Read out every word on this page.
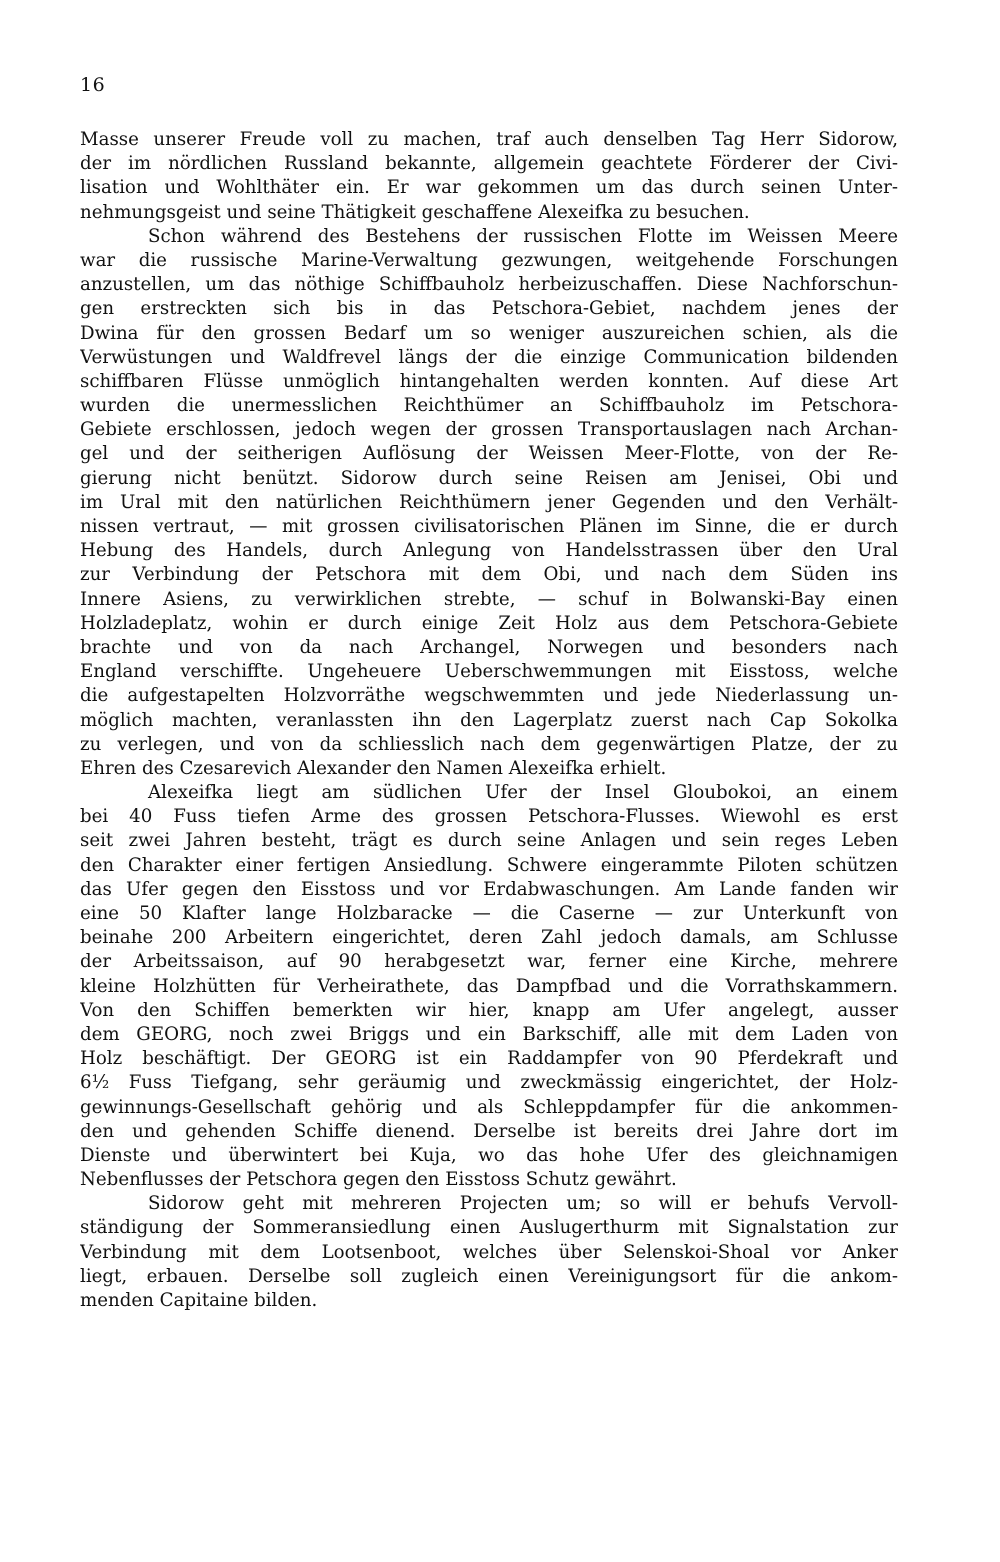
16
Masse unserer Freude voll zu machen, traf auch denselben Tag Herr Sidorow,
der im nördlichen Russland bekannte, allgemein geachtete Förderer der Civi-
lisation und Wohlthäter ein. Er war gekommen um das durch seinen Unter-
nehmungsgeist und seine Thätigkeit geschaffene Alexeifka zu besuchen.
Schon während des Bestehens der russischen Flotte im Weissen Meere
war die russische Marine-Verwaltung gezwungen, weitgehende Forschungen
anzustellen, um das nöthige Schiffbauholz herbeizuschaffen. Diese Nachforschun-
gen erstreckten sich bis in das Petschora-Gebiet, nachdem jenes der
Dwina für den grossen Bedarf um so weniger auszureichen schien, als die
Verwüstungen und Waldfrevel längs der die einzige Communication bildenden
schiffbaren Flüsse unmöglich hintangehalten werden konnten. Auf diese Art
wurden die unermesslichen Reichthümer an Schiffbauholz im Petschora-
Gebiete erschlossen, jedoch wegen der grossen Transportauslagen nach Archan-
gel und der seitherigen Auflösung der Weissen Meer-Flotte, von der Re-
gierung nicht benützt. Sidorow durch seine Reisen am Jenisei, Obi und
im Ural mit den natürlichen Reichthümern jener Gegenden und den Verhält-
nissen vertraut, — mit grossen civilisatorischen Plänen im Sinne, die er durch
Hebung des Handels, durch Anlegung von Handelsstrassen über den Ural
zur Verbindung der Petschora mit dem Obi, und nach dem Süden ins
Innere Asiens, zu verwirklichen strebte, — schuf in Bolwanski-Bay einen
Holzladeplatz, wohin er durch einige Zeit Holz aus dem Petschora-Gebiete
brachte und von da nach Archangel, Norwegen und besonders nach
England verschiffte. Ungeheuere Ueberschwemmungen mit Eisstoss, welche
die aufgestapelten Holzvorräthe wegschwemmten und jede Niederlassung un-
möglich machten, veranlassten ihn den Lagerplatz zuerst nach Cap Sokolka
zu verlegen, und von da schliesslich nach dem gegenwärtigen Platze, der zu
Ehren des Czesarevich Alexander den Namen Alexeifka erhielt.
Alexeifka liegt am südlichen Ufer der Insel Gloubokoi, an einem
bei 40 Fuss tiefen Arme des grossen Petschora-Flusses. Wiewohl es erst
seit zwei Jahren besteht, trägt es durch seine Anlagen und sein reges Leben
den Charakter einer fertigen Ansiedlung. Schwere eingerammte Piloten schützen
das Ufer gegen den Eisstoss und vor Erdabwaschungen. Am Lande fanden wir
eine 50 Klafter lange Holzbaracke — die Caserne — zur Unterkunft von
beinahe 200 Arbeitern eingerichtet, deren Zahl jedoch damals, am Schlusse
der Arbeitssaison, auf 90 herabgesetzt war, ferner eine Kirche, mehrere
kleine Holzhütten für Verheirathete, das Dampfbad und die Vorrathskammern.
Von den Schiffen bemerkten wir hier, knapp am Ufer angelegt, ausser
dem GEORG, noch zwei Briggs und ein Barkschiff, alle mit dem Laden von
Holz beschäftigt. Der GEORG ist ein Raddampfer von 90 Pferdekraft und
6½ Fuss Tiefgang, sehr geräumig und zweckmässig eingerichtet, der Holz-
gewinnungs-Gesellschaft gehörig und als Schleppdampfer für die ankommen-
den und gehenden Schiffe dienend. Derselbe ist bereits drei Jahre dort im
Dienste und überwintert bei Kuja, wo das hohe Ufer des gleichnamigen
Nebenflusses der Petschora gegen den Eisstoss Schutz gewährt.
Sidorow geht mit mehreren Projecten um; so will er behufs Vervoll-
ständigung der Sommeransiedlung einen Auslugerthurm mit Signalstation zur
Verbindung mit dem Lootsenboot, welches über Selenskoi-Shoal vor Anker
liegt, erbauen. Derselbe soll zugleich einen Vereinigungsort für die ankom-
menden Capitaine bilden.
